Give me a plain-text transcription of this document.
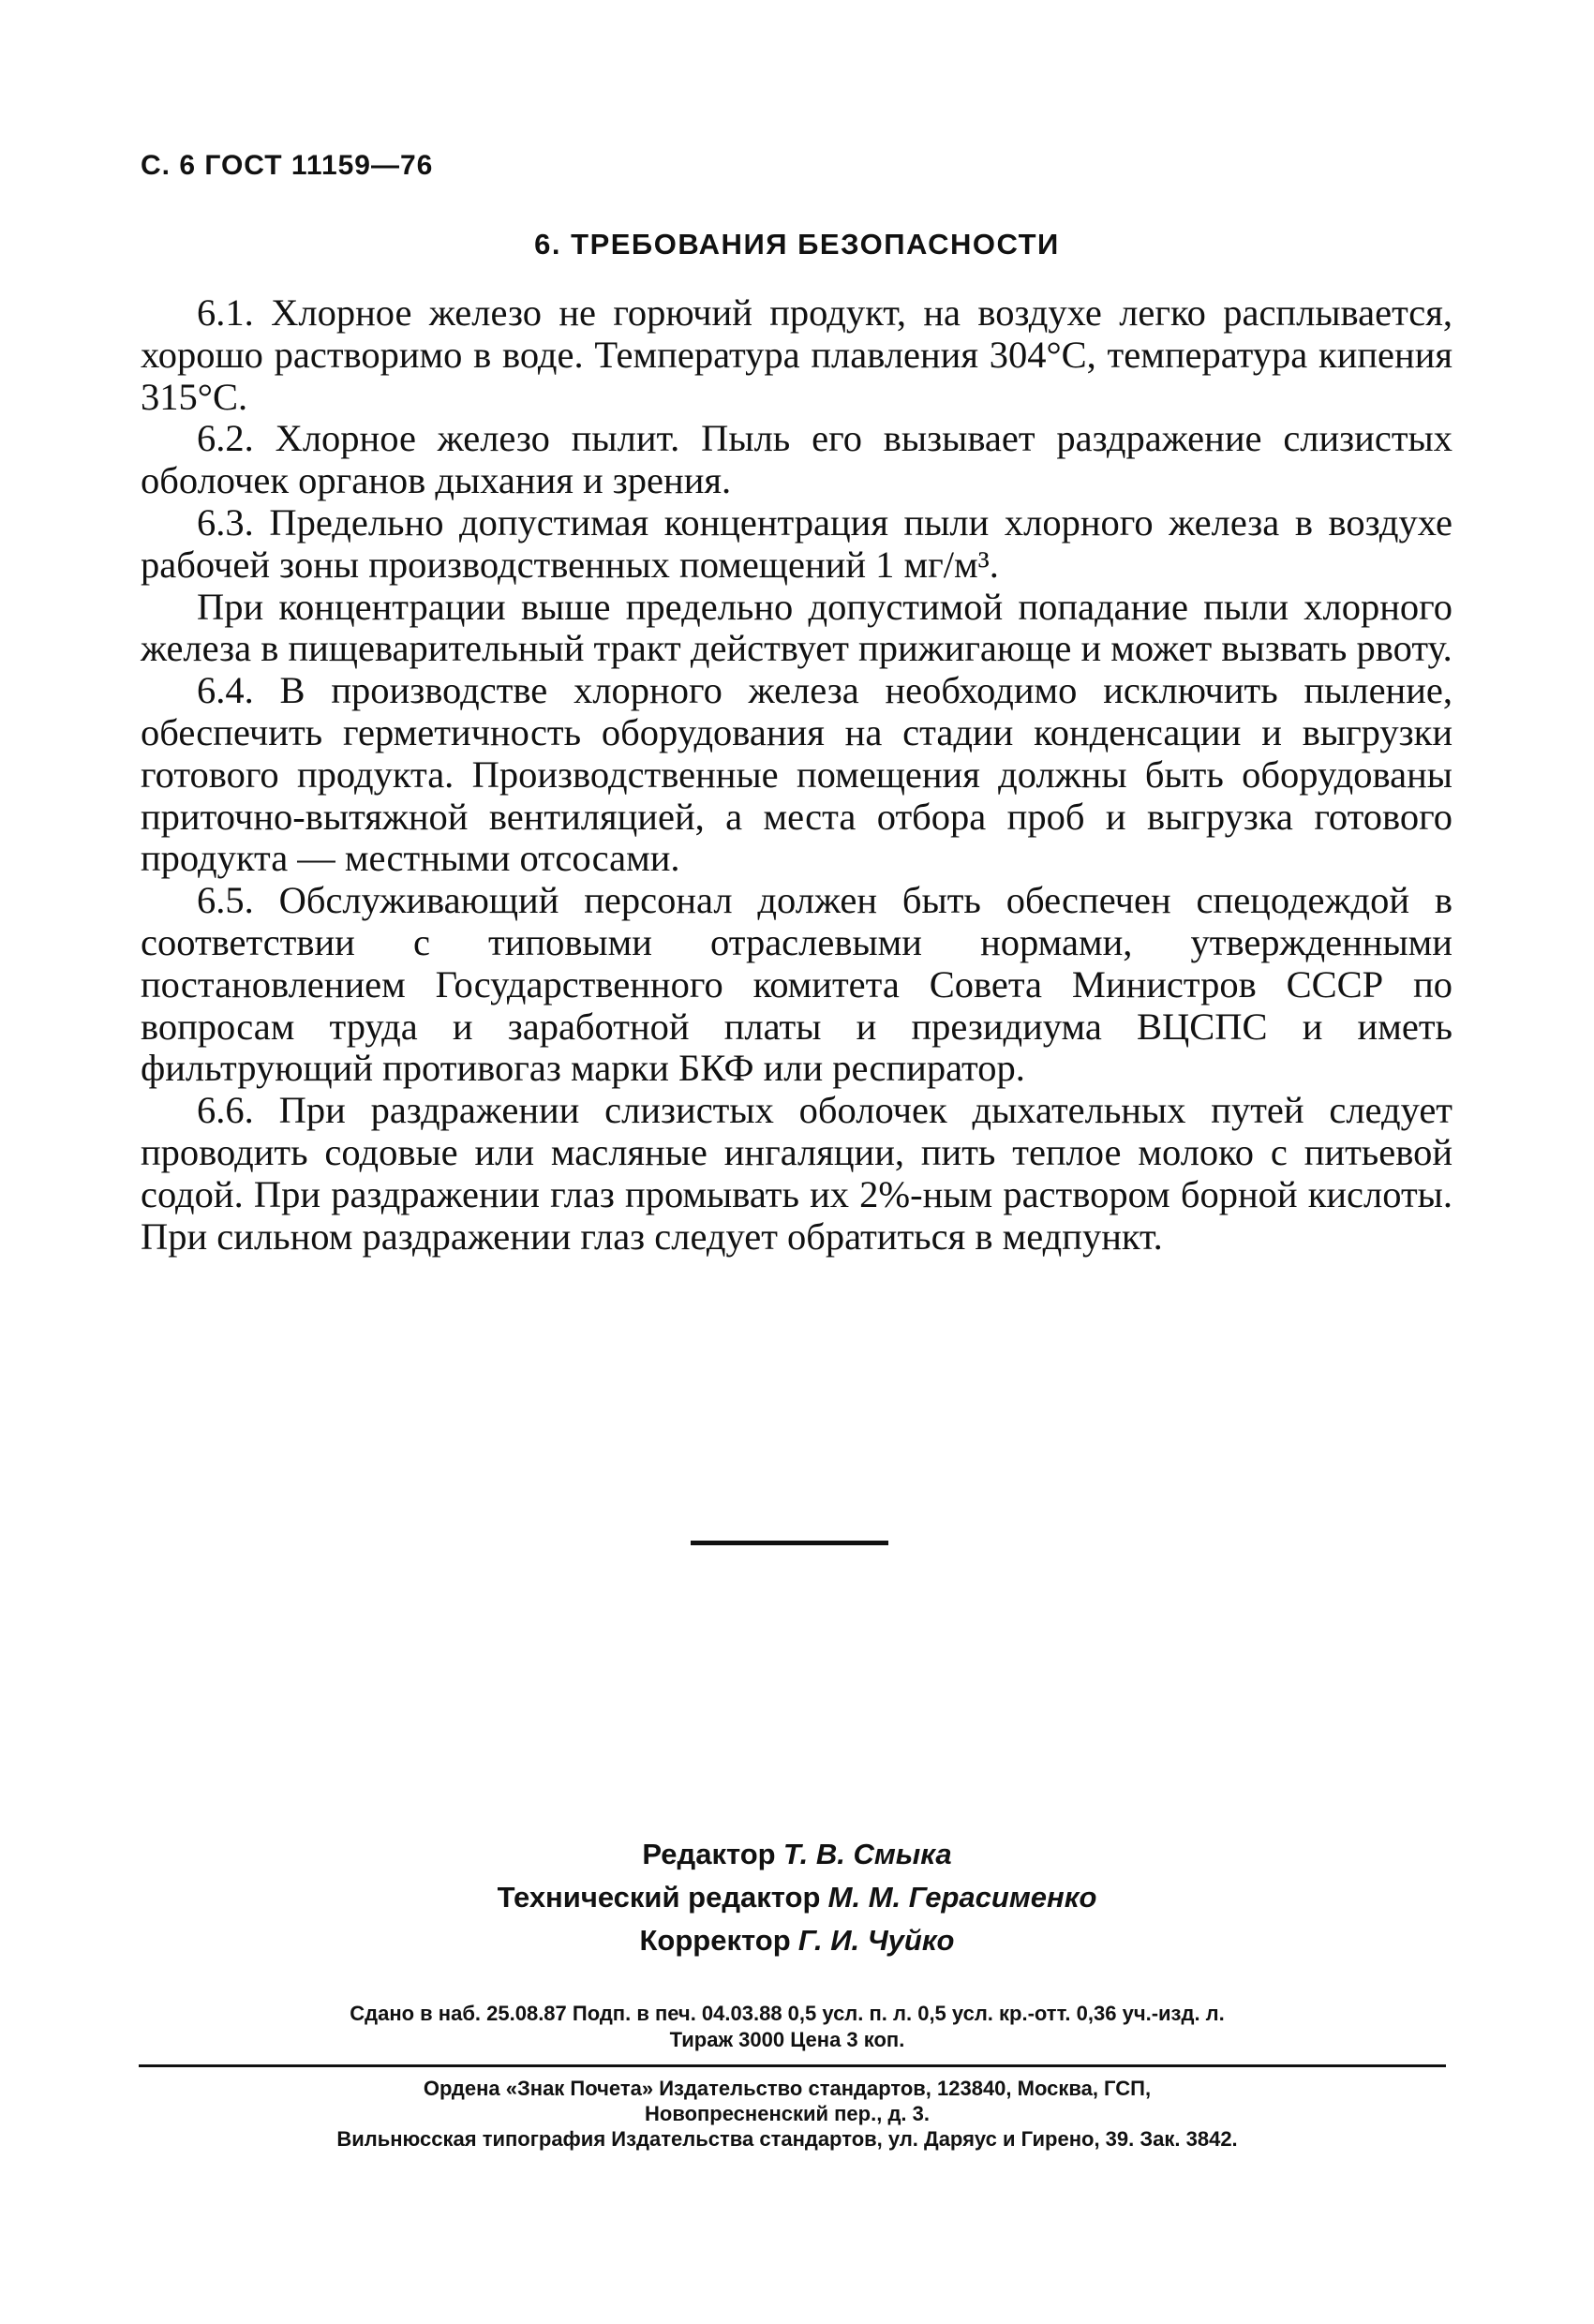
С. 6 ГОСТ 11159—76
6. ТРЕБОВАНИЯ БЕЗОПАСНОСТИ

6.1. Хлорное железо не горючий продукт, на воздухе легко расплывается, хорошо растворимо в воде. Температура плавления 304°С, температура кипения 315°С.

6.2. Хлорное железо пылит. Пыль его вызывает раздражение слизистых оболочек органов дыхания и зрения.

6.3. Предельно допустимая концентрация пыли хлорного железа в воздухе рабочей зоны производственных помещений 1 мг/м³.

При концентрации выше предельно допустимой попадание пыли хлорного железа в пищеварительный тракт действует прижигающе и может вызвать рвоту.

6.4. В производстве хлорного железа необходимо исключить пыление, обеспечить герметичность оборудования на стадии конденсации и выгрузки готового продукта. Производственные помещения должны быть оборудованы приточно-вытяжной вентиляцией, а места отбора проб и выгрузка готового продукта — местными отсосами.

6.5. Обслуживающий персонал должен быть обеспечен спецодеждой в соответствии с типовыми отраслевыми нормами, утвержденными постановлением Государственного комитета Совета Министров СССР по вопросам труда и заработной платы и президиума ВЦСПС и иметь фильтрующий противогаз марки БКФ или респиратор.

6.6. При раздражении слизистых оболочек дыхательных путей следует проводить содовые или масляные ингаляции, пить теплое молоко с питьевой содой. При раздражении глаз промывать их 2%-ным раствором борной кислоты. При сильном раздражении глаз следует обратиться в медпункт.

Редактор Т. В. Смыка
Технический редактор М. М. Герасименко
Корректор Г. И. Чуйко
Сдано в наб. 25.08.87 Подп. в печ. 04.03.88 0,5 усл. п. л. 0,5 усл. кр.-отт. 0,36 уч.-изд. л.
Тираж 3000 Цена 3 коп.
Ордена «Знак Почета» Издательство стандартов, 123840, Москва, ГСП,
Новопресненский пер., д. 3.
Вильнюсская типография Издательства стандартов, ул. Даряус и Гирено, 39. Зак. 3842.
